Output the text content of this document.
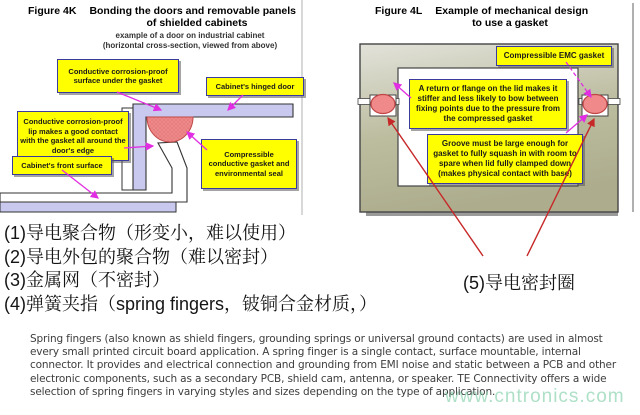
Figure 4K Bonding the doors and removable panels
of shielded cabinets
example of a door on industrial cabinet
(horizontal cross-section, viewed from above)
Figure 4L Example of mechanical design
to use a gasket
Conductive corrosion-proof surface under the gasket
Cabinet's hinged door
Conductive corrosion-proof lip makes a good contact with the gasket all around the door's edge	Compressible conductive gasket and environmental seal
Cabinet's front surface
Compressible EMC gasket
A return or flange on the lid makes it stiffer and less likely to bow between fixing points due to the pressure from the compressed gasket
Groove must be large enough for gasket to fully squash in with room to spare when lid fully clamped down (makes physical contact with base)
(1)导电聚合物（形变小，难以使用）
(2)导电外包的聚合物（难以密封）
(3)金属网（不密封）
(4)弹簧夹指（spring fingers，铍铜合金材质，）
(5)导电密封圈
Spring fingers (also known as shield fingers, grounding springs or universal ground contacts) are used in almost every small printed circuit board application. A spring finger is a single contact, surface mountable, internal connector. It provides and electrical connection and grounding from EMI noise and static between a PCB and other electronic components, such as a secondary PCB, shield cam, antenna, or speaker. TE Connectivity offers a wide selection of spring fingers in varying styles and sizes depending on the type of application.
www.cntronics.com
